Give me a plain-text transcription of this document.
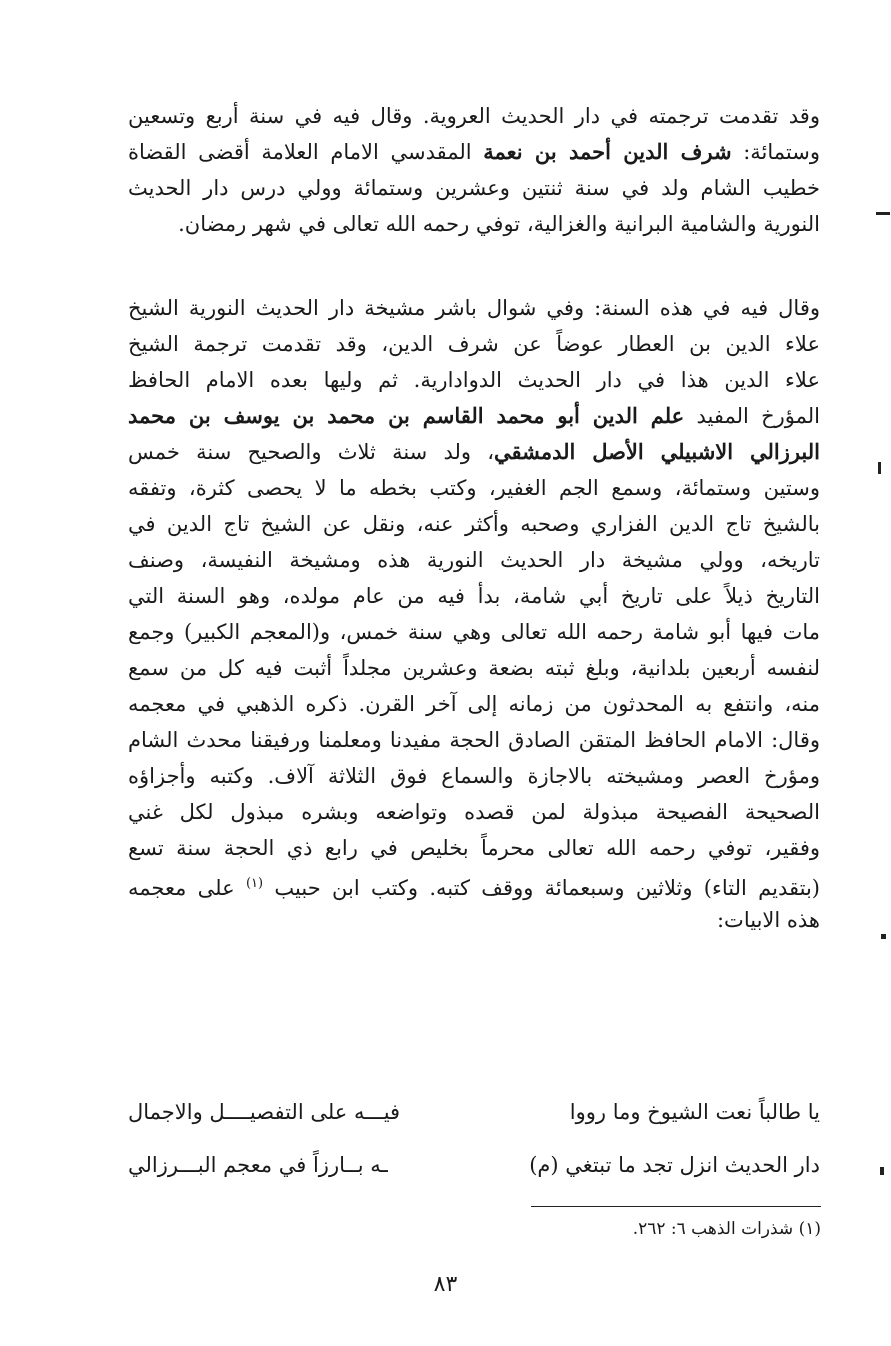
وقد تقدمت ترجمته في دار الحديث العروية. وقال فيه في سنة أربع وتسعين
وستمائة: شرف الدين أحمد بن نعمة المقدسي الامام العلامة أقضى القضاة
خطيب الشام ولد في سنة ثنتين وعشرين وستمائة وولي درس دار الحديث
النورية والشامية البرانية والغزالية، توفي رحمه الله تعالى في شهر رمضان.
وقال فيه في هذه السنة: وفي شوال باشر مشيخة دار الحديث النورية الشيخ
علاء الدين بن العطار عوضاً عن شرف الدين، وقد تقدمت ترجمة الشيخ
علاء الدين هذا في دار الحديث الدوادارية. ثم وليها بعده الامام الحافظ
المؤرخ المفيد علم الدين أبو محمد القاسم بن محمد بن يوسف بن محمد
البرزالي الاشبيلي الأصل الدمشقي، ولد سنة ثلاث والصحيح سنة خمس
وستين وستمائة، وسمع الجم الغفير، وكتب بخطه ما لا يحصى كثرة، وتفقه
بالشيخ تاج الدين الفزاري وصحبه وأكثر عنه، ونقل عن الشيخ تاج الدين في
تاريخه، وولي مشيخة دار الحديث النورية هذه ومشيخة النفيسة، وصنف
التاريخ ذيلاً على تاريخ أبي شامة، بدأ فيه من عام مولده، وهو السنة التي
مات فيها أبو شامة رحمه الله تعالى وهي سنة خمس، و(المعجم الكبير) وجمع
لنفسه أربعين بلدانية، وبلغ ثبته بضعة وعشرين مجلداً أثبت فيه كل من سمع
منه، وانتفع به المحدثون من زمانه إلى آخر القرن. ذكره الذهبي في معجمه
وقال: الامام الحافظ المتقن الصادق الحجة مفيدنا ومعلمنا ورفيقنا محدث الشام
ومؤرخ العصر ومشيخته بالاجازة والسماع فوق الثلاثة آلاف. وكتبه وأجزاؤه
الصحيحة الفصيحة مبذولة لمن قصده وتواضعه وبشره مبذول لكل غني
وفقير، توفي رحمه الله تعالى محرماً بخليص في رابع ذي الحجة سنة تسع
(بتقديم التاء) وثلاثين وسبعمائة ووقف كتبه. وكتب ابن حبيب $^{(١)}$ على معجمه
هذه الابيات:
يا طالباً نعت الشيوخ وما رووا
فيـــه على التفصيــــل والاجمال
دار الحديث انزل تجد ما تبتغي (م)
ـه بــارزاً في معجم البـــرزالي
(١) شذرات الذهب ٦: ٢٦٢.
٨٣
